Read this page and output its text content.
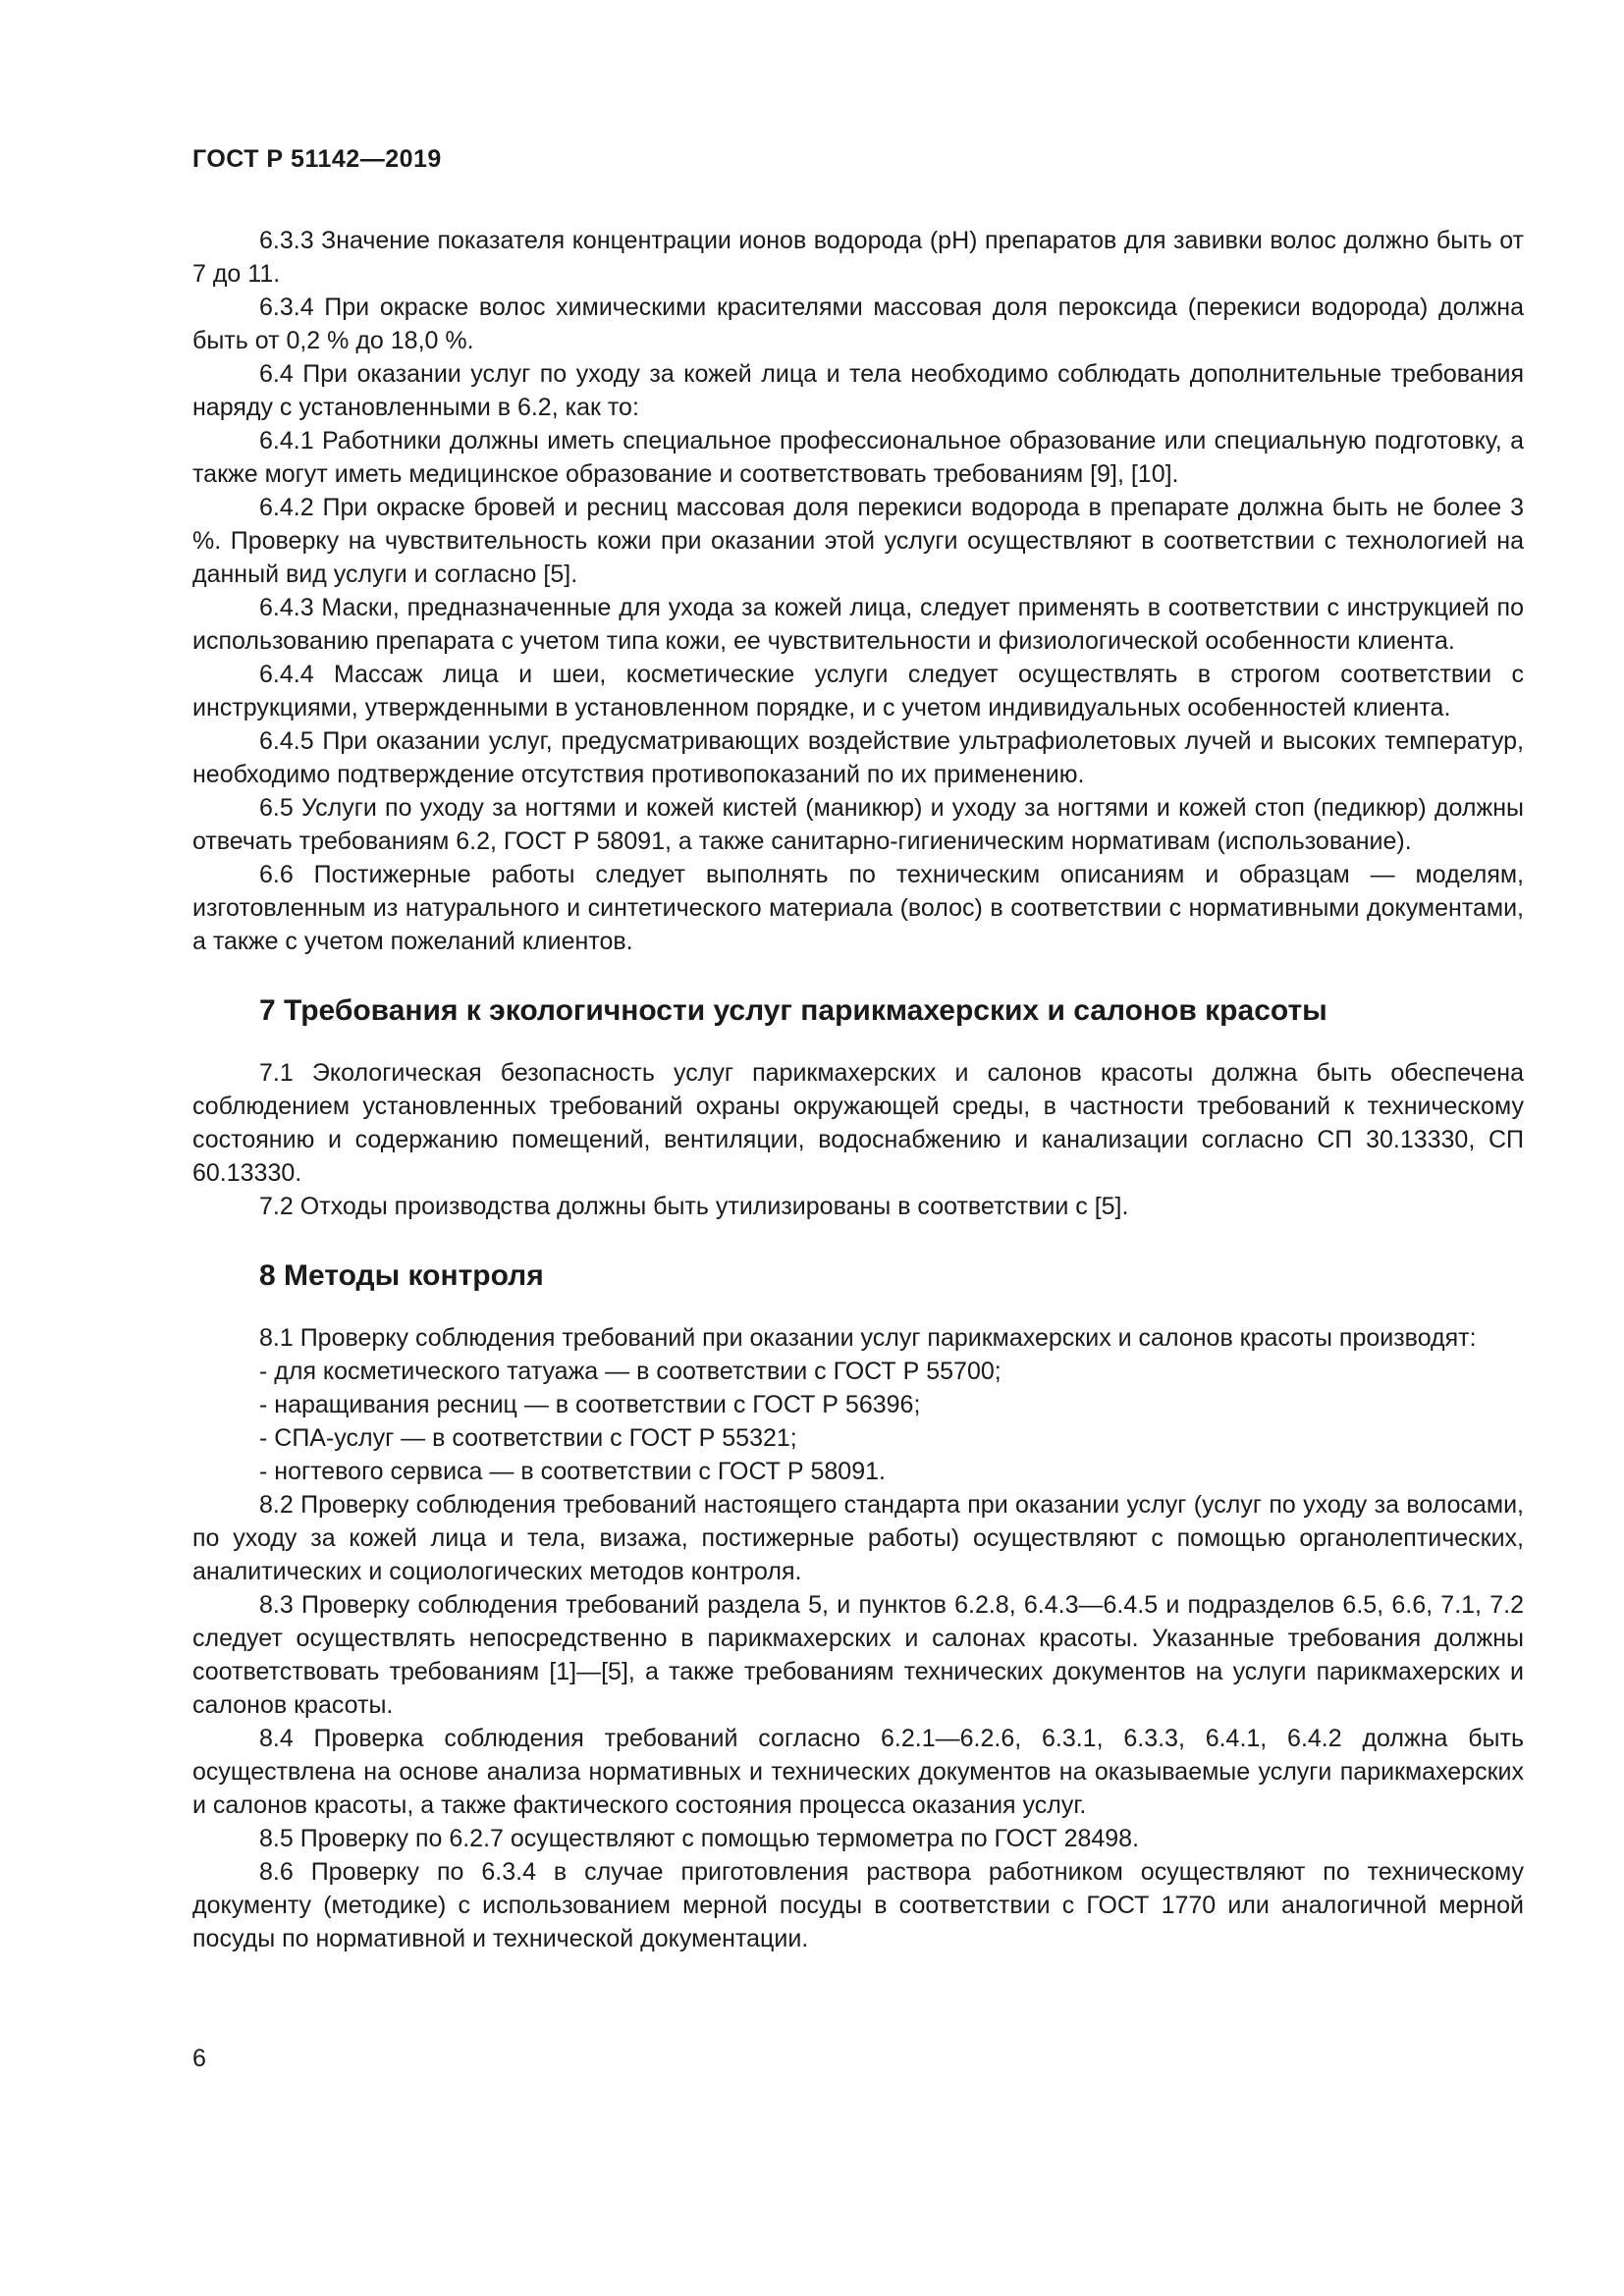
ГОСТ Р 51142—2019

6.3.3 Значение показателя концентрации ионов водорода (pH) препаратов для завивки волос должно быть от 7 до 11.

6.3.4 При окраске волос химическими красителями массовая доля пероксида (перекиси водорода) должна быть от 0,2 % до 18,0 %.

6.4 При оказании услуг по уходу за кожей лица и тела необходимо соблюдать дополнительные требования наряду с установленными в 6.2, как то:

6.4.1 Работники должны иметь специальное профессиональное образование или специальную подготовку, а также могут иметь медицинское образование и соответствовать требованиям [9], [10].

6.4.2 При окраске бровей и ресниц массовая доля перекиси водорода в препарате должна быть не более 3 %. Проверку на чувствительность кожи при оказании этой услуги осуществляют в соответствии с технологией на данный вид услуги и согласно [5].

6.4.3 Маски, предназначенные для ухода за кожей лица, следует применять в соответствии с инструкцией по использованию препарата с учетом типа кожи, ее чувствительности и физиологической особенности клиента.

6.4.4 Массаж лица и шеи, косметические услуги следует осуществлять в строгом соответствии с инструкциями, утвержденными в установленном порядке, и с учетом индивидуальных особенностей клиента.

6.4.5 При оказании услуг, предусматривающих воздействие ультрафиолетовых лучей и высоких температур, необходимо подтверждение отсутствия противопоказаний по их применению.

6.5 Услуги по уходу за ногтями и кожей кистей (маникюр) и уходу за ногтями и кожей стоп (педикюр) должны отвечать требованиям 6.2, ГОСТ Р 58091, а также санитарно-гигиеническим нормативам (использование).

6.6 Постижерные работы следует выполнять по техническим описаниям и образцам — моделям, изготовленным из натурального и синтетического материала (волос) в соответствии с нормативными документами, а также с учетом пожеланий клиентов.

7 Требования к экологичности услуг парикмахерских и салонов красоты

7.1 Экологическая безопасность услуг парикмахерских и салонов красоты должна быть обеспечена соблюдением установленных требований охраны окружающей среды, в частности требований к техническому состоянию и содержанию помещений, вентиляции, водоснабжению и канализации согласно СП 30.13330, СП 60.13330.

7.2 Отходы производства должны быть утилизированы в соответствии с [5].

8 Методы контроля

8.1 Проверку соблюдения требований при оказании услуг парикмахерских и салонов красоты производят:

- для косметического татуажа — в соответствии с ГОСТ Р 55700;

- наращивания ресниц — в соответствии с ГОСТ Р 56396;

- СПА-услуг — в соответствии с ГОСТ Р 55321;

- ногтевого сервиса — в соответствии с ГОСТ Р 58091.

8.2 Проверку соблюдения требований настоящего стандарта при оказании услуг (услуг по уходу за волосами, по уходу за кожей лица и тела, визажа, постижерные работы) осуществляют с помощью органолептических, аналитических и социологических методов контроля.

8.3 Проверку соблюдения требований раздела 5, и пунктов 6.2.8, 6.4.3—6.4.5 и подразделов 6.5, 6.6, 7.1, 7.2 следует осуществлять непосредственно в парикмахерских и салонах красоты. Указанные требования должны соответствовать требованиям [1]—[5], а также требованиям технических документов на услуги парикмахерских и салонов красоты.

8.4 Проверка соблюдения требований согласно 6.2.1—6.2.6, 6.3.1, 6.3.3, 6.4.1, 6.4.2 должна быть осуществлена на основе анализа нормативных и технических документов на оказываемые услуги парикмахерских и салонов красоты, а также фактического состояния процесса оказания услуг.

8.5 Проверку по 6.2.7 осуществляют с помощью термометра по ГОСТ 28498.

8.6 Проверку по 6.3.4 в случае приготовления раствора работником осуществляют по техническому документу (методике) с использованием мерной посуды в соответствии с ГОСТ 1770 или аналогичной мерной посуды по нормативной и технической документации.

6
